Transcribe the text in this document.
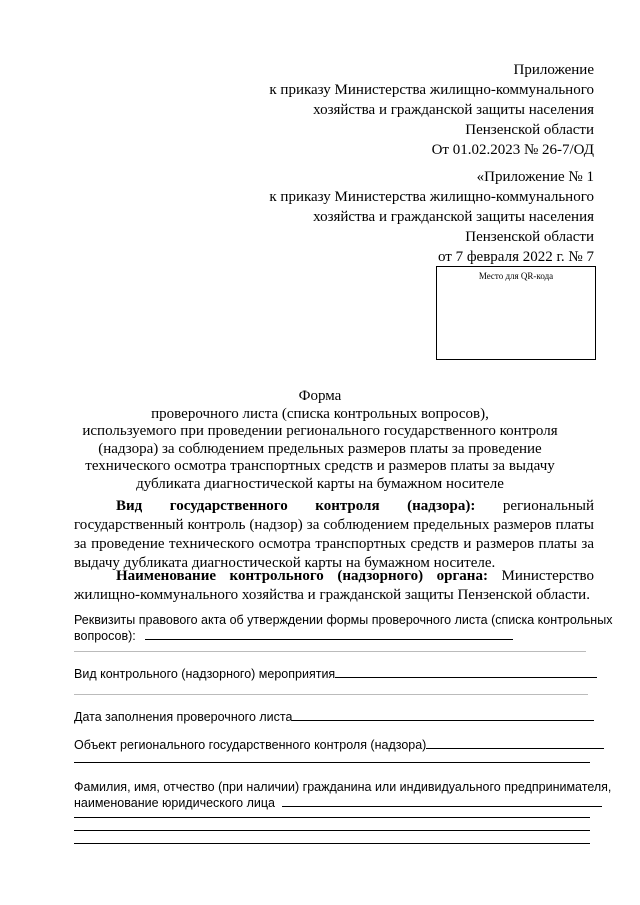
Приложение
к приказу Министерства жилищно-коммунального
хозяйства и гражданской защиты населения
Пензенской области
От 01.02.2023 № 26-7/ОД
«Приложение № 1
к приказу Министерства жилищно-коммунального
хозяйства и гражданской защиты населения
Пензенской области
от 7 февраля 2022 г. № 7
Место для QR-кода
Форма
проверочного листа (списка контрольных вопросов),
используемого при проведении регионального государственного контроля
(надзора) за соблюдением предельных размеров платы за проведение
технического осмотра транспортных средств и размеров платы за выдачу
дубликата диагностической карты на бумажном носителе
Вид государственного контроля (надзора): региональный
государственный контроль (надзор) за соблюдением предельных размеров платы за проведение технического осмотра транспортных средств и размеров платы за выдачу дубликата диагностической карты на бумажном носителе.
Наименование контрольного (надзорного) органа: Министерство
жилищно-коммунального хозяйства и гражданской защиты Пензенской области.
Реквизиты правового акта об утверждении формы проверочного листа (списка контрольных
вопросов):
Вид контрольного (надзорного) мероприятия
Дата заполнения проверочного листа
Объект регионального государственного контроля (надзора)
Фамилия, имя, отчество (при наличии) гражданина или индивидуального предпринимателя,
наименование юридического лица
